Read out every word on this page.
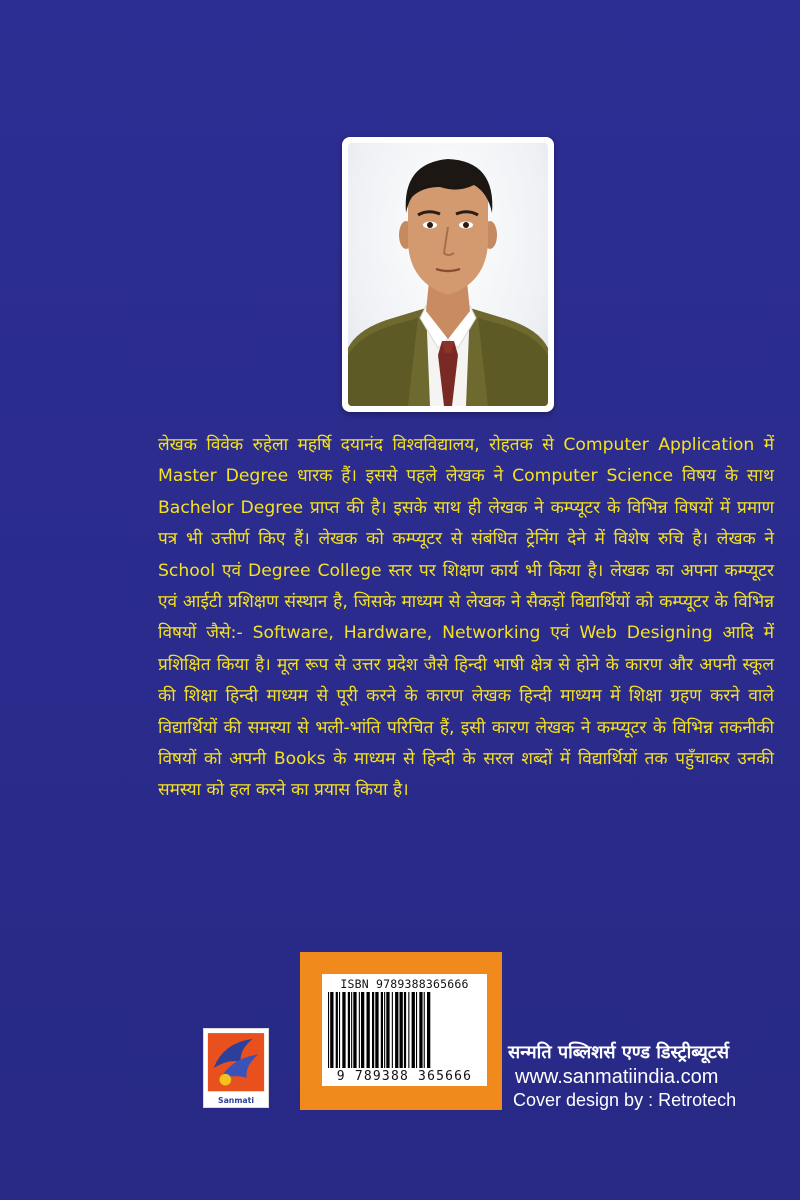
लेखक विवेक रुहेला महर्षि दयानंद विश्वविद्यालय, रोहतक से Computer Application में Master Degree धारक हैं। इससे पहले लेखक ने Computer Science विषय के साथ Bachelor Degree प्राप्त की है। इसके साथ ही लेखक ने कम्प्यूटर के विभिन्न विषयों में प्रमाण पत्र भी उत्तीर्ण किए हैं। लेखक को कम्प्यूटर से संबंधित ट्रेनिंग देने में विशेष रुचि है। लेखक ने School एवं Degree College स्तर पर शिक्षण कार्य भी किया है। लेखक का अपना कम्प्यूटर एवं आईटी प्रशिक्षण संस्थान है, जिसके माध्यम से लेखक ने सैकड़ों विद्यार्थियों को कम्प्यूटर के विभिन्न विषयों जैसे:- Software, Hardware, Networking एवं Web Designing आदि में प्रशिक्षित किया है। मूल रूप से उत्तर प्रदेश जैसे हिन्दी भाषी क्षेत्र से होने के कारण और अपनी स्कूल की शिक्षा हिन्दी माध्यम से पूरी करने के कारण लेखक हिन्दी माध्यम में शिक्षा ग्रहण करने वाले विद्यार्थियों की समस्या से भली-भांति परिचित हैं, इसी कारण लेखक ने कम्प्यूटर के विभिन्न तकनीकी विषयों को अपनी Books के माध्यम से हिन्दी के सरल शब्दों में विद्यार्थियों तक पहुँचाकर उनकी समस्या को हल करने का प्रयास किया है।

ISBN 9789388365666
9 789388 365666
Sanmati
सन्मति पब्लिशर्स एण्ड डिस्ट्रीब्यूटर्स
www.sanmatiindia.com
Cover design by : Retrotech
